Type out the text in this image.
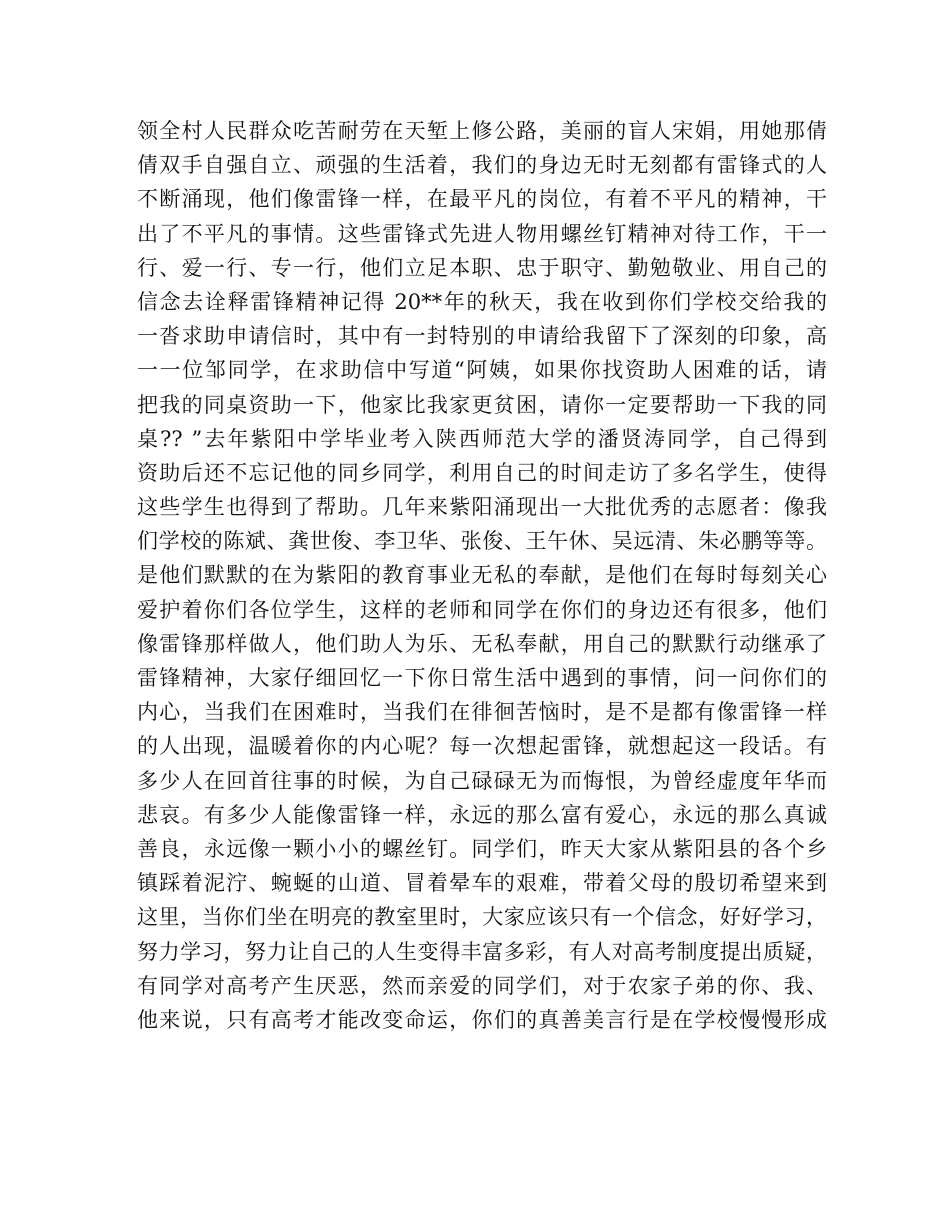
领全村人民群众吃苦耐劳在天堑上修公路，美丽的盲人宋娟，用她那倩
倩双手自强自立、顽强的生活着，我们的身边无时无刻都有雷锋式的人
不断涌现，他们像雷锋一样，在最平凡的岗位，有着不平凡的精神，干
出了不平凡的事情。这些雷锋式先进人物用螺丝钉精神对待工作，干一
行、爱一行、专一行，他们立足本职、忠于职守、勤勉敬业、用自己的
信念去诠释雷锋精神记得 20**年的秋天，我在收到你们学校交给我的
一沓求助申请信时，其中有一封特别的申请给我留下了深刻的印象，高
一一位邹同学，在求助信中写道“阿姨，如果你找资助人困难的话，请
把我的同桌资助一下，他家比我家更贫困，请你一定要帮助一下我的同
桌?? ”去年紫阳中学毕业考入陕西师范大学的潘贤涛同学，自己得到
资助后还不忘记他的同乡同学，利用自己的时间走访了多名学生，使得
这些学生也得到了帮助。几年来紫阳涌现出一大批优秀的志愿者：像我
们学校的陈斌、龚世俊、李卫华、张俊、王午休、吴远清、朱必鹏等等。
是他们默默的在为紫阳的教育事业无私的奉献，是他们在每时每刻关心
爱护着你们各位学生，这样的老师和同学在你们的身边还有很多，他们
像雷锋那样做人，他们助人为乐、无私奉献，用自己的默默行动继承了
雷锋精神，大家仔细回忆一下你日常生活中遇到的事情，问一问你们的
内心，当我们在困难时，当我们在徘徊苦恼时，是不是都有像雷锋一样
的人出现，温暖着你的内心呢？每一次想起雷锋，就想起这一段话。有
多少人在回首往事的时候，为自己碌碌无为而悔恨，为曾经虚度年华而
悲哀。有多少人能像雷锋一样，永远的那么富有爱心，永远的那么真诚
善良，永远像一颗小小的螺丝钉。同学们，昨天大家从紫阳县的各个乡
镇踩着泥泞、蜿蜒的山道、冒着晕车的艰难，带着父母的殷切希望来到
这里，当你们坐在明亮的教室里时，大家应该只有一个信念，好好学习，
努力学习，努力让自己的人生变得丰富多彩，有人对高考制度提出质疑，
有同学对高考产生厌恶，然而亲爱的同学们，对于农家子弟的你、我、
他来说，只有高考才能改变命运，你们的真善美言行是在学校慢慢形成
